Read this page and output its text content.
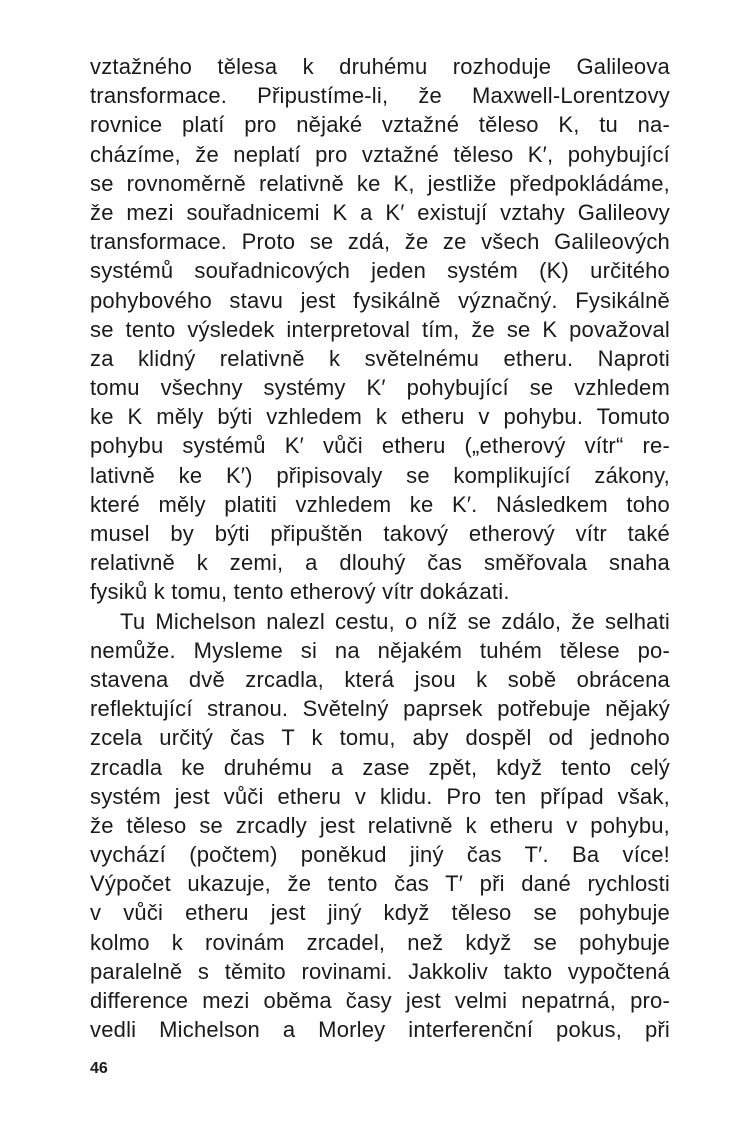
vztažného tělesa k druhému rozhoduje Galileova
transformace. Připustíme-li, že Maxwell-Lorentzovy
rovnice platí pro nějaké vztažné těleso K, tu na-
cházíme, že neplatí pro vztažné těleso K′, pohybující
se rovnoměrně relativně ke K, jestliže předpokládáme,
že mezi souřadnicemi K a K′ existují vztahy Galileovy
transformace. Proto se zdá, že ze všech Galileových
systémů souřadnicových jeden systém (K) určitého
pohybového stavu jest fysikálně význačný. Fysikálně
se tento výsledek interpretoval tím, že se K považoval
za klidný relativně k světelnému etheru. Naproti
tomu všechny systémy K′ pohybující se vzhledem
ke K měly býti vzhledem k etheru v pohybu. Tomuto
pohybu systémů K′ vůči etheru („etherový vítr“ re-
lativně ke K′) připisovaly se komplikující zákony,
které měly platiti vzhledem ke K′. Následkem toho
musel by býti připuštěn takový etherový vítr také
relativně k zemi, a dlouhý čas směřovala snaha
fysiků k tomu, tento etherový vítr dokázati.
Tu Michelson nalezl cestu, o níž se zdálo, že selhati
nemůže. Mysleme si na nějakém tuhém tělese po-
stavena dvě zrcadla, která jsou k sobě obrácena
reflektující stranou. Světelný paprsek potřebuje nějaký
zcela určitý čas T k tomu, aby dospěl od jednoho
zrcadla ke druhému a zase zpět, když tento celý
systém jest vůči etheru v klidu. Pro ten případ však,
že těleso se zrcadly jest relativně k etheru v pohybu,
vychází (počtem) poněkud jiný čas T′. Ba více!
Výpočet ukazuje, že tento čas T′ při dané rychlosti
v vůči etheru jest jiný když těleso se pohybuje
kolmo k rovinám zrcadel, než když se pohybuje
paralelně s těmito rovinami. Jakkoliv takto vypočtená
difference mezi oběma časy jest velmi nepatrná, pro-
vedli Michelson a Morley interferenční pokus, při
46
